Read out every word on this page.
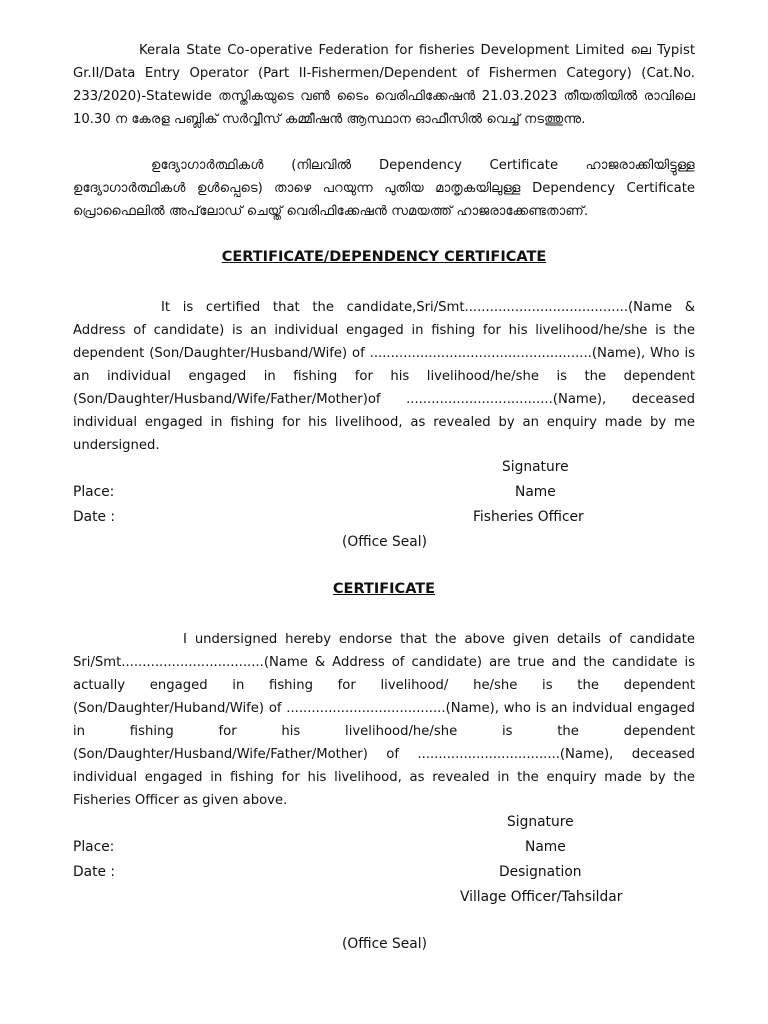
Kerala State Co-operative Federation for fisheries Development Limited ലെ Typist Gr.II/Data Entry Operator (Part II-Fishermen/Dependent of Fishermen Category) (Cat.No. 233/2020)-Statewide തസ്തികയുടെ വൺ ടൈം വെരിഫിക്കേഷൻ 21.03.2023 തീയതിയിൽ രാവിലെ 10.30 ന കേരള പബ്ലിക് സർവ്വീസ് കമ്മീഷൻ ആസ്ഥാന ഓഫീസിൽ വെച്ച് നടത്തുന്നു.

ഉദ്യോഗാർത്ഥികൾ (നിലവിൽ Dependency Certificate ഹാജരാക്കിയിട്ടുള്ള ഉദ്യോഗാർത്ഥികൾ ഉൾപ്പെടെ) താഴെ പറയുന്ന പുതിയ മാതൃകയിലുള്ള Dependency Certificate പ്രൊഫൈലിൽ അപ്‌ലോഡ് ചെയ്ത് വെരിഫിക്കേഷൻ സമയത്ത് ഹാജരാക്കേണ്ടതാണ്.

CERTIFICATE/DEPENDENCY CERTIFICATE

It is certified that the candidate,Sri/Smt.......................................(Name & Address of candidate) is an individual engaged in fishing for his livelihood/he/she is the dependent (Son/Daughter/Husband/Wife) of .....................................................(Name), Who is an individual engaged in fishing for his livelihood/he/she is the dependent (Son/Daughter/Husband/Wife/Father/Mother)of ...................................(Name), deceased individual engaged in fishing for his livelihood, as revealed by an enquiry made by me undersigned.

Signature
Place:	Name
Date :	Fisheries Officer
(Office Seal)
CERTIFICATE

I undersigned hereby endorse that the above given details of candidate Sri/Smt..................................(Name & Address of candidate) are true and the candidate is actually engaged in fishing for livelihood/ he/she is the dependent (Son/Daughter/Huband/Wife) of ......................................(Name), who is an indvidual engaged in fishing for his livelihood/he/she is the dependent (Son/Daughter/Husband/Wife/Father/Mother) of ..................................(Name), deceased individual engaged in fishing for his livelihood, as revealed in the enquiry made by the Fisheries Officer as given above.

Signature
Place:	Name
Date :	Designation
Village Officer/Tahsildar
(Office Seal)
